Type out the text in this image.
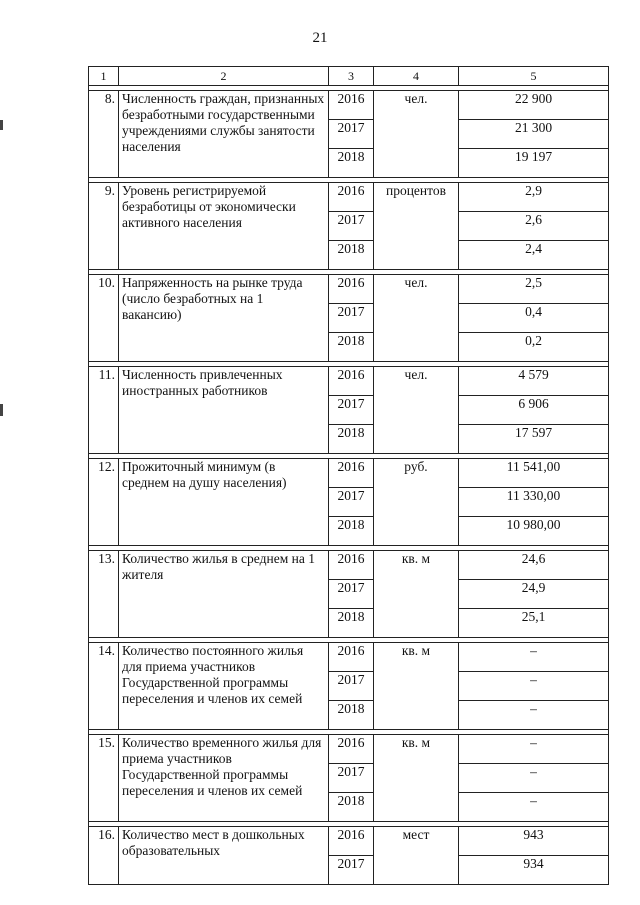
21
1	2	3	4	5

8.	Численность граждан, признанных безработными государственными учреждениями службы занятости населения	2016	чел.	22 900
		2017		21 300
		2018		19 197

9.	Уровень регистрируемой безработицы от экономически активного населения	2016	процентов	2,9
		2017		2,6
		2018		2,4

10.	Напряженность на рынке труда (число безработных на 1 вакансию)	2016	чел.	2,5
		2017		0,4
		2018		0,2

11.	Численность привлеченных иностранных работников	2016	чел.	4 579
		2017		6 906
		2018		17 597

12.	Прожиточный минимум (в среднем на душу населения)	2016	руб.	11 541,00
		2017		11 330,00
		2018		10 980,00

13.	Количество жилья в среднем на 1 жителя	2016	кв. м	24,6
		2017		24,9
		2018		25,1

14.	Количество постоянного жилья для приема участников Государственной программы переселения и членов их семей	2016	кв. м	–
		2017		–
		2018		–

15.	Количество временного жилья для приема участников Государственной программы переселения и членов их семей	2016	кв. м	–
		2017		–
		2018		–

16.	Количество мест в дошкольных образовательных	2016	мест	943
		2017		934
